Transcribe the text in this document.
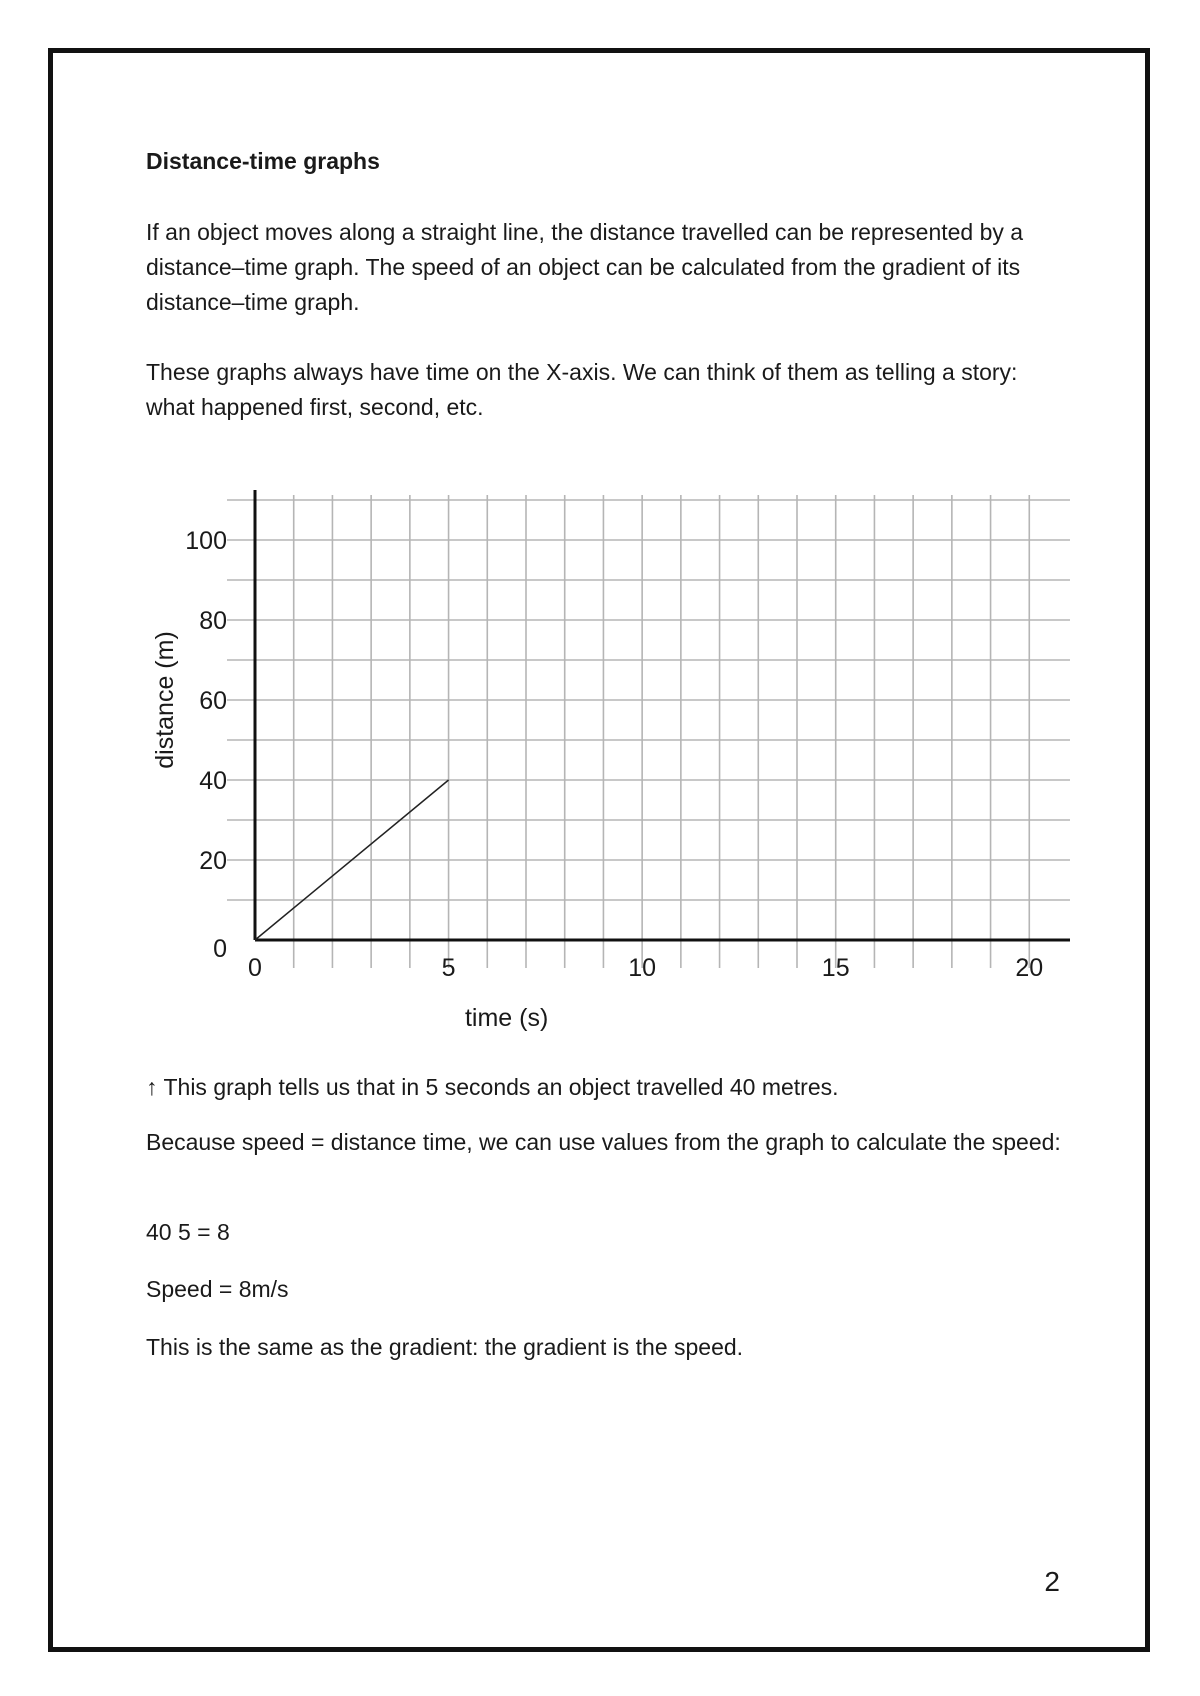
Distance-time graphs

If an object moves along a straight line, the distance travelled can be represented by a distance–time graph. The speed of an object can be calculated from the gradient of its distance–time graph.

These graphs always have time on the X-axis. We can think of them as telling a story: what happened first, second, etc.

0	5	10	15	20
0
20
40
60
80
100
time (s)
distance (m)

↑ This graph tells us that in 5 seconds an object travelled 40 metres.

Because speed = distance time, we can use values from the graph to calculate the speed:

40 5 = 8

Speed = 8m/s

This is the same as the gradient: the gradient is the speed.

2
